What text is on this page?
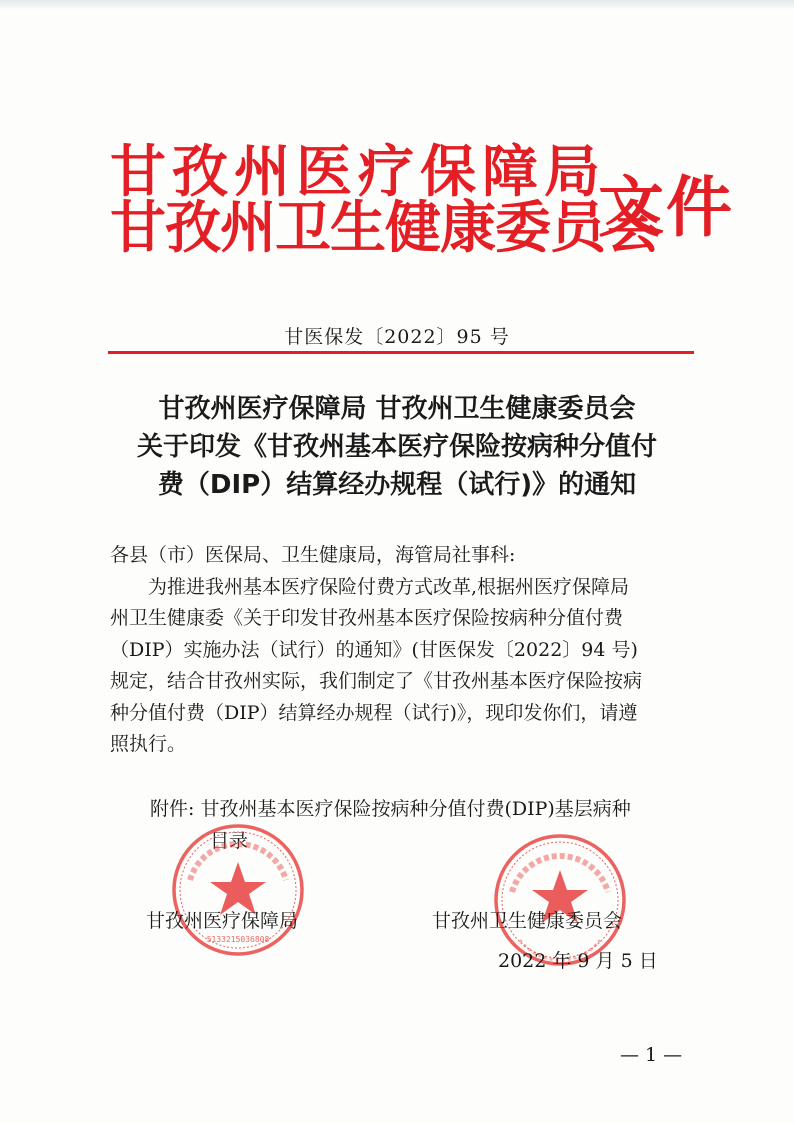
甘孜州医疗保障局
甘孜州卫生健康委员会
文件
甘医保发〔2022〕95 号
甘孜州医疗保障局 甘孜州卫生健康委员会
关于印发《甘孜州基本医疗保险按病种分值付
费（DIP）结算经办规程（试行)》的通知

各县（市）医保局、卫生健康局，海管局社事科:

为推进我州基本医疗保险付费方式改革,根据州医疗保障局

州卫生健康委《关于印发甘孜州基本医疗保险按病种分值付费

（DIP）实施办法（试行）的通知》(甘医保发〔2022〕94 号)

规定，结合甘孜州实际，我们制定了《甘孜州基本医疗保险按病

种分值付费（DIP）结算经办规程（试行)》，现印发你们，请遵

照执行。

附件: 甘孜州基本医疗保险按病种分值付费(DIP)基层病种
目录
5133215036808
甘孜州医疗保障局	甘孜州卫生健康委员会
2022 年 9 月 5 日
— 1 —
